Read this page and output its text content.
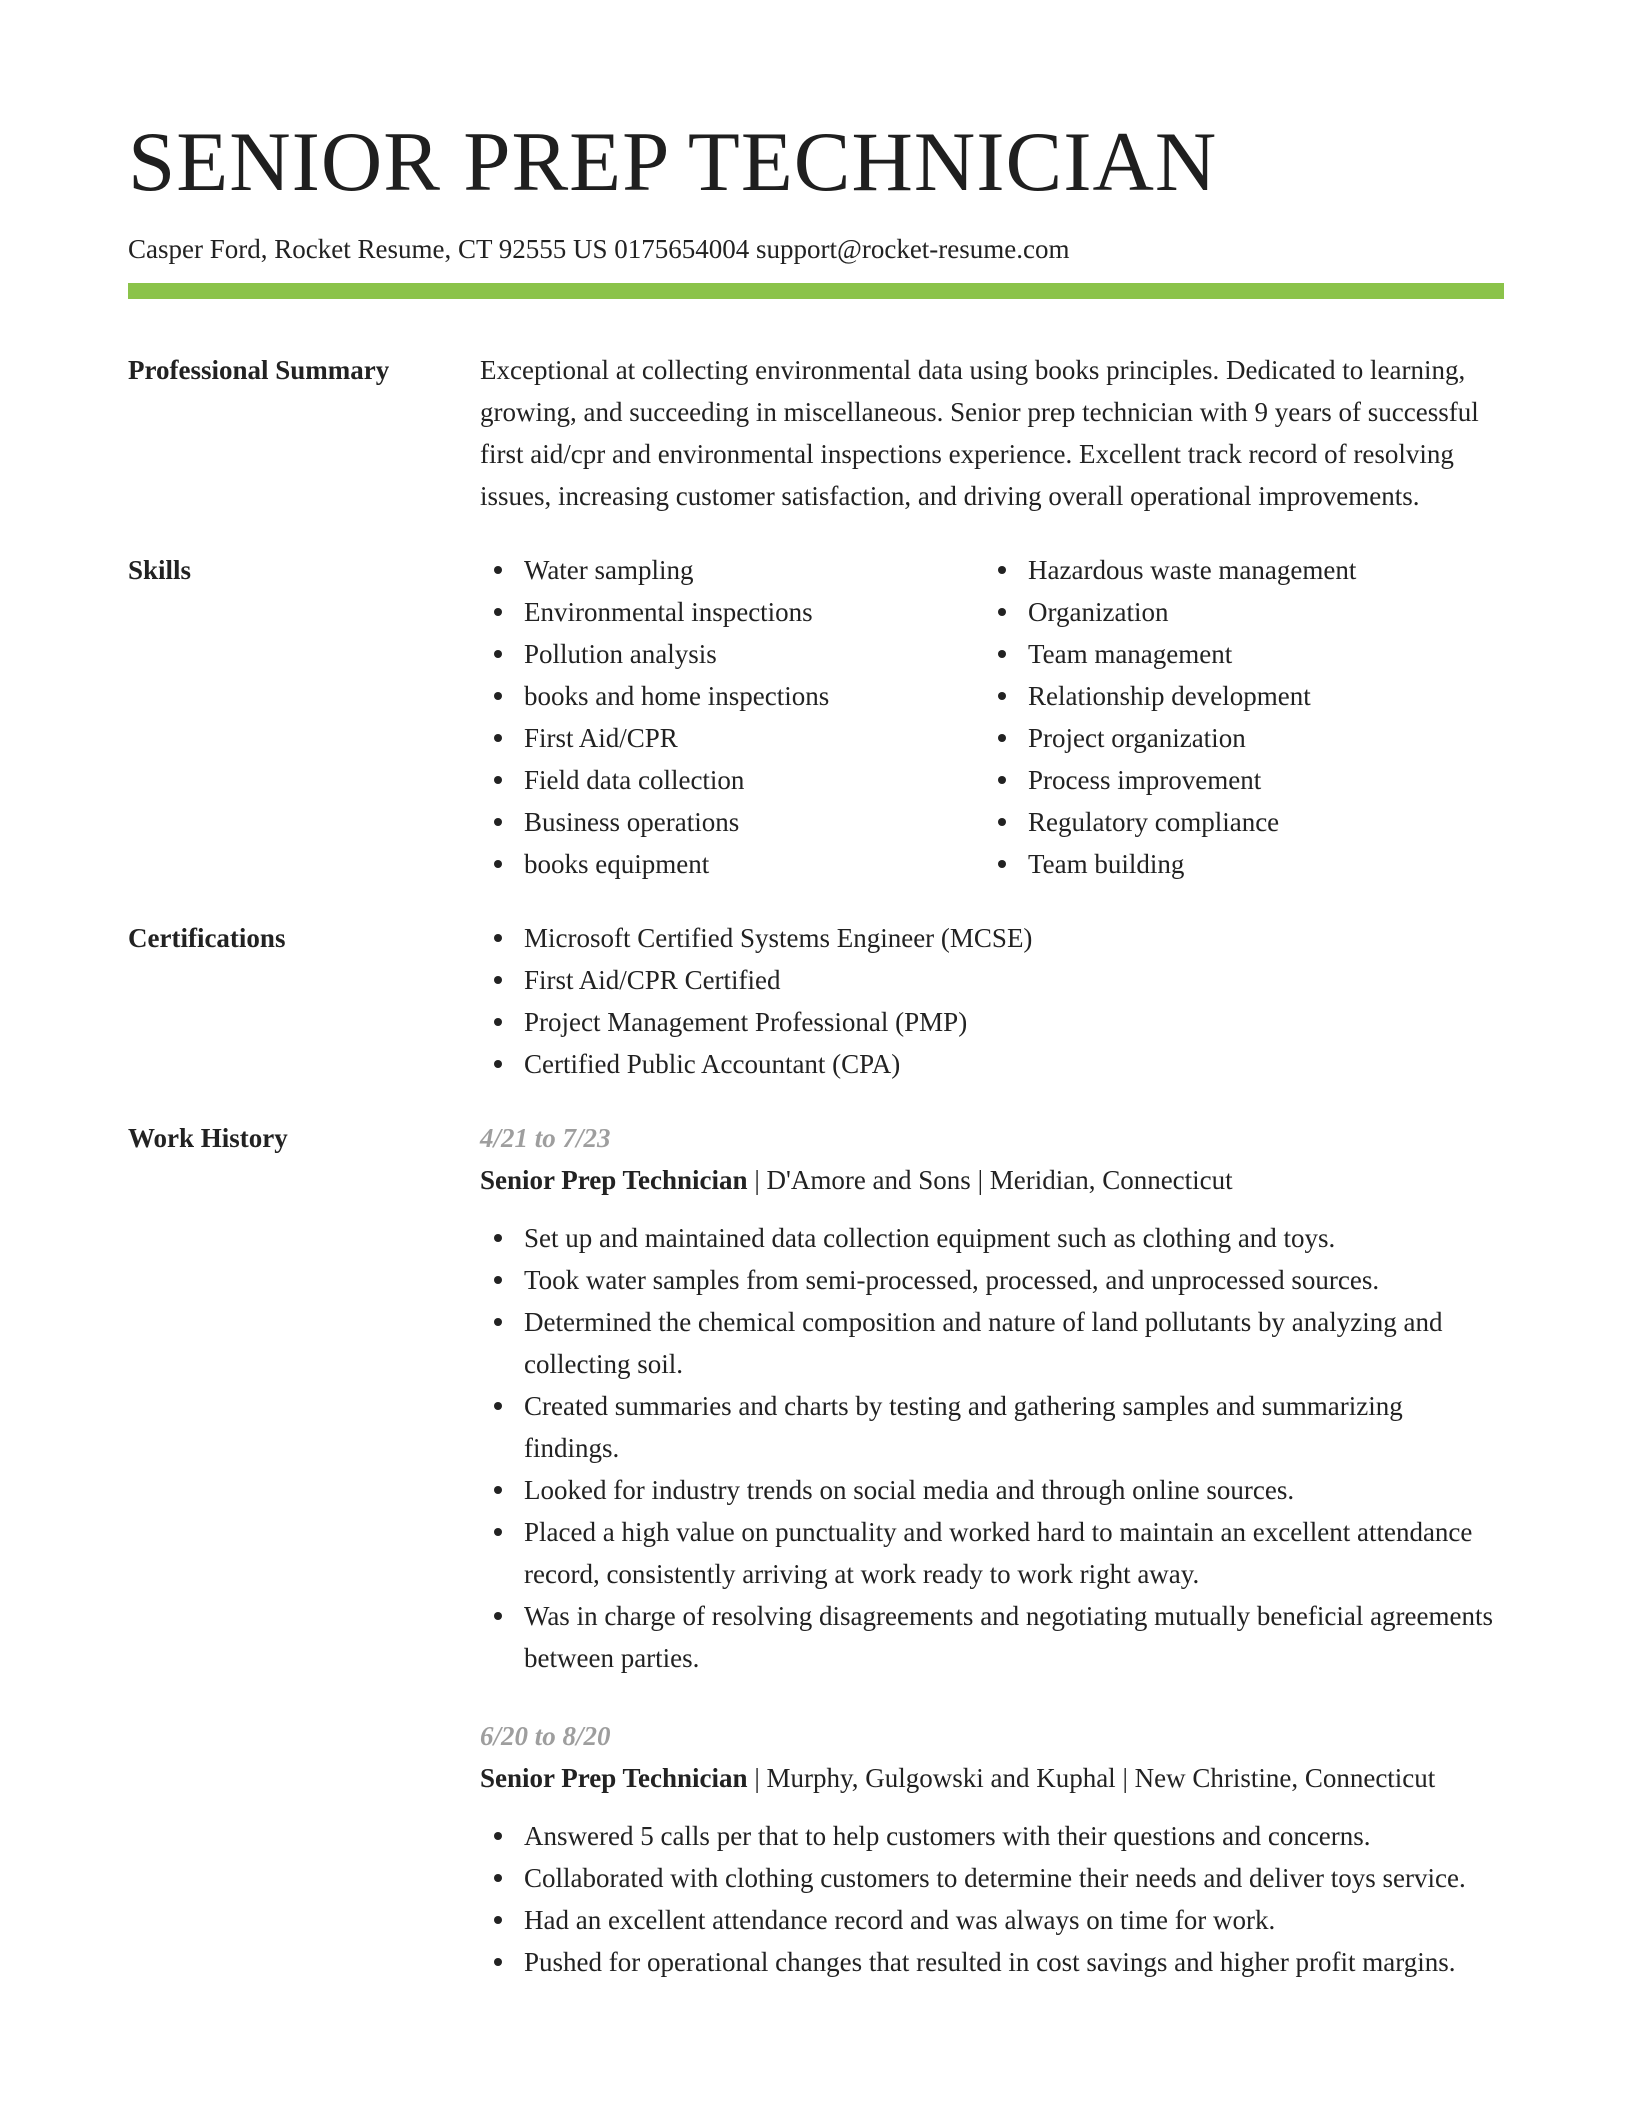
SENIOR PREP TECHNICIAN
Casper Ford, Rocket Resume, CT 92555 US 0175654004 support@rocket-resume.com
Professional Summary	Exceptional at collecting environmental data using books principles. Dedicated to learning, growing, and succeeding in miscellaneous. Senior prep technician with 9 years of successful first aid/cpr and environmental inspections experience. Excellent track record of resolving issues, increasing customer satisfaction, and driving overall operational improvements.
Skills	Water sampling
Environmental inspections
Pollution analysis
books and home inspections
First Aid/CPR
Field data collection
Business operations
books equipment
Hazardous waste management
Organization
Team management
Relationship development
Project organization
Process improvement
Regulatory compliance
Team building
Certifications	Microsoft Certified Systems Engineer (MCSE)
First Aid/CPR Certified
Project Management Professional (PMP)
Certified Public Accountant (CPA)
Work History	4/21 to 7/23
Senior Prep Technician | D'Amore and Sons | Meridian, Connecticut
Set up and maintained data collection equipment such as clothing and toys.
Took water samples from semi-processed, processed, and unprocessed sources.
Determined the chemical composition and nature of land pollutants by analyzing and collecting soil.
Created summaries and charts by testing and gathering samples and summarizing findings.
Looked for industry trends on social media and through online sources.
Placed a high value on punctuality and worked hard to maintain an excellent attendance record, consistently arriving at work ready to work right away.
Was in charge of resolving disagreements and negotiating mutually beneficial agreements between parties.
6/20 to 8/20
Senior Prep Technician | Murphy, Gulgowski and Kuphal | New Christine, Connecticut
Answered 5 calls per that to help customers with their questions and concerns.
Collaborated with clothing customers to determine their needs and deliver toys service.
Had an excellent attendance record and was always on time for work.
Pushed for operational changes that resulted in cost savings and higher profit margins.
